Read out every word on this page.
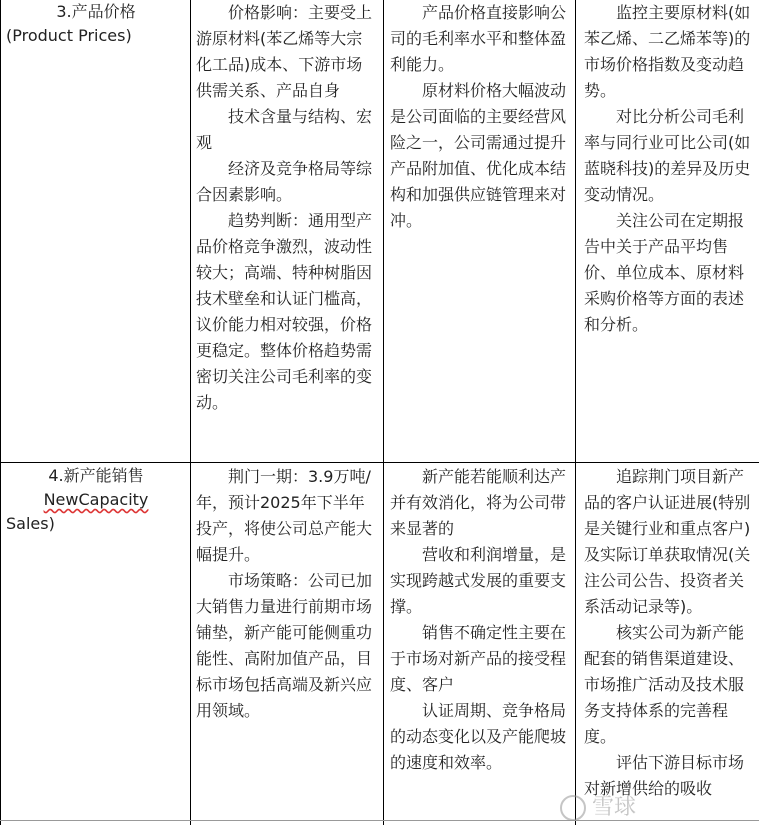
3.产品价格
(Product Prices)

价格影响：主要受上游原材料(苯乙烯等大宗化工品)成本、下游市场供需关系、产品自身

技术含量与结构、宏观

经济及竞争格局等综合因素影响。

趋势判断：通用型产品价格竞争激烈，波动性较大；高端、特种树脂因技术壁垒和认证门槛高，议价能力相对较强，价格更稳定。整体价格趋势需密切关注公司毛利率的变动。

产品价格直接影响公司的毛利率水平和整体盈利能力。

原材料价格大幅波动是公司面临的主要经营风险之一，公司需通过提升产品附加值、优化成本结构和加强供应链管理来对冲。

监控主要原材料(如苯乙烯、二乙烯苯等)的市场价格指数及变动趋势。

对比分析公司毛利率与同行业可比公司(如蓝晓科技)的差异及历史变动情况。

关注公司在定期报告中关于产品平均售价、单位成本、原材料采购价格等方面的表述和分析。

4.新产能销售
NewCapacity
Sales)

荆门一期：3.9万吨/年，预计2025年下半年投产，将使公司总产能大幅提升。

市场策略：公司已加大销售力量进行前期市场铺垫，新产能可能侧重功能性、高附加值产品，目标市场包括高端及新兴应用领域。

新产能若能顺利达产并有效消化，将为公司带来显著的

营收和利润增量，是实现跨越式发展的重要支撑。

销售不确定性主要在于市场对新产品的接受程度、客户

认证周期、竞争格局的动态变化以及产能爬坡的速度和效率。

追踪荆门项目新产品的客户认证进展(特别是关键行业和重点客户)及实际订单获取情况(关注公司公告、投资者关系活动记录等)。

核实公司为新产能配套的销售渠道建设、市场推广活动及技术服务支持体系的完善程度。

评估下游目标市场对新增供给的吸收

雪球
